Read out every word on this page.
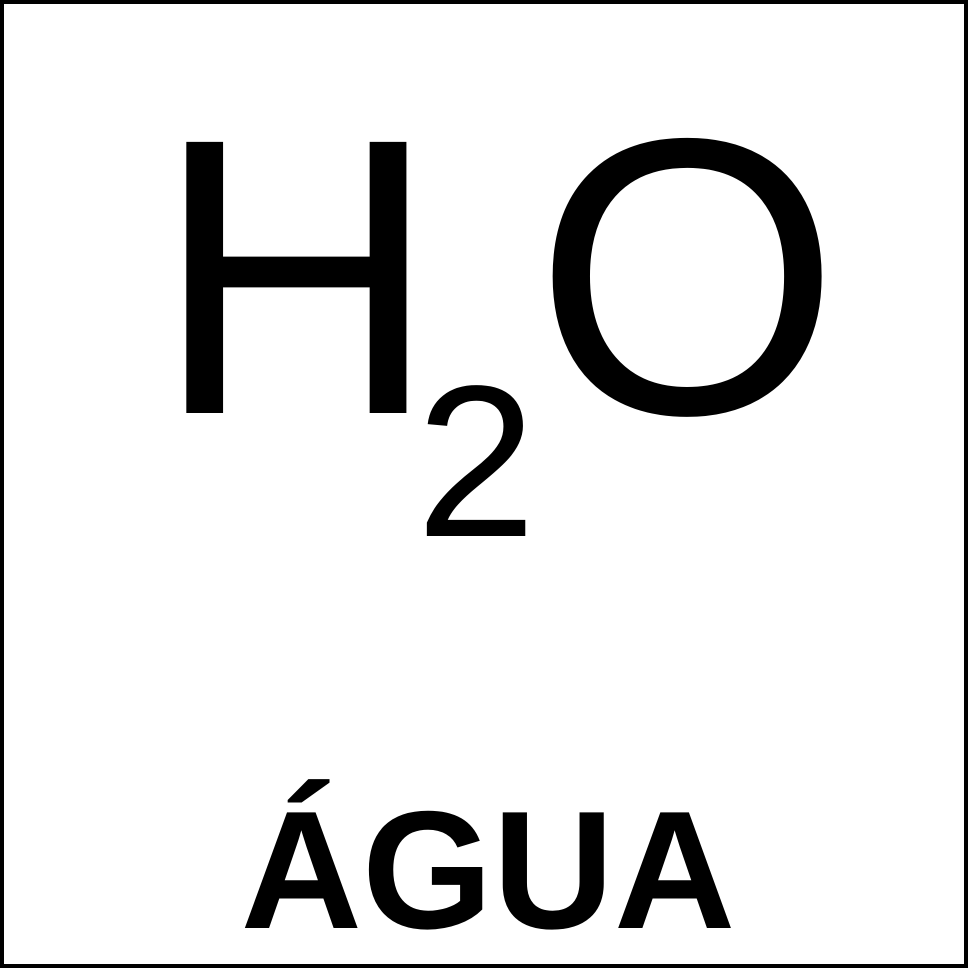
H
2
O
ÁGUA
